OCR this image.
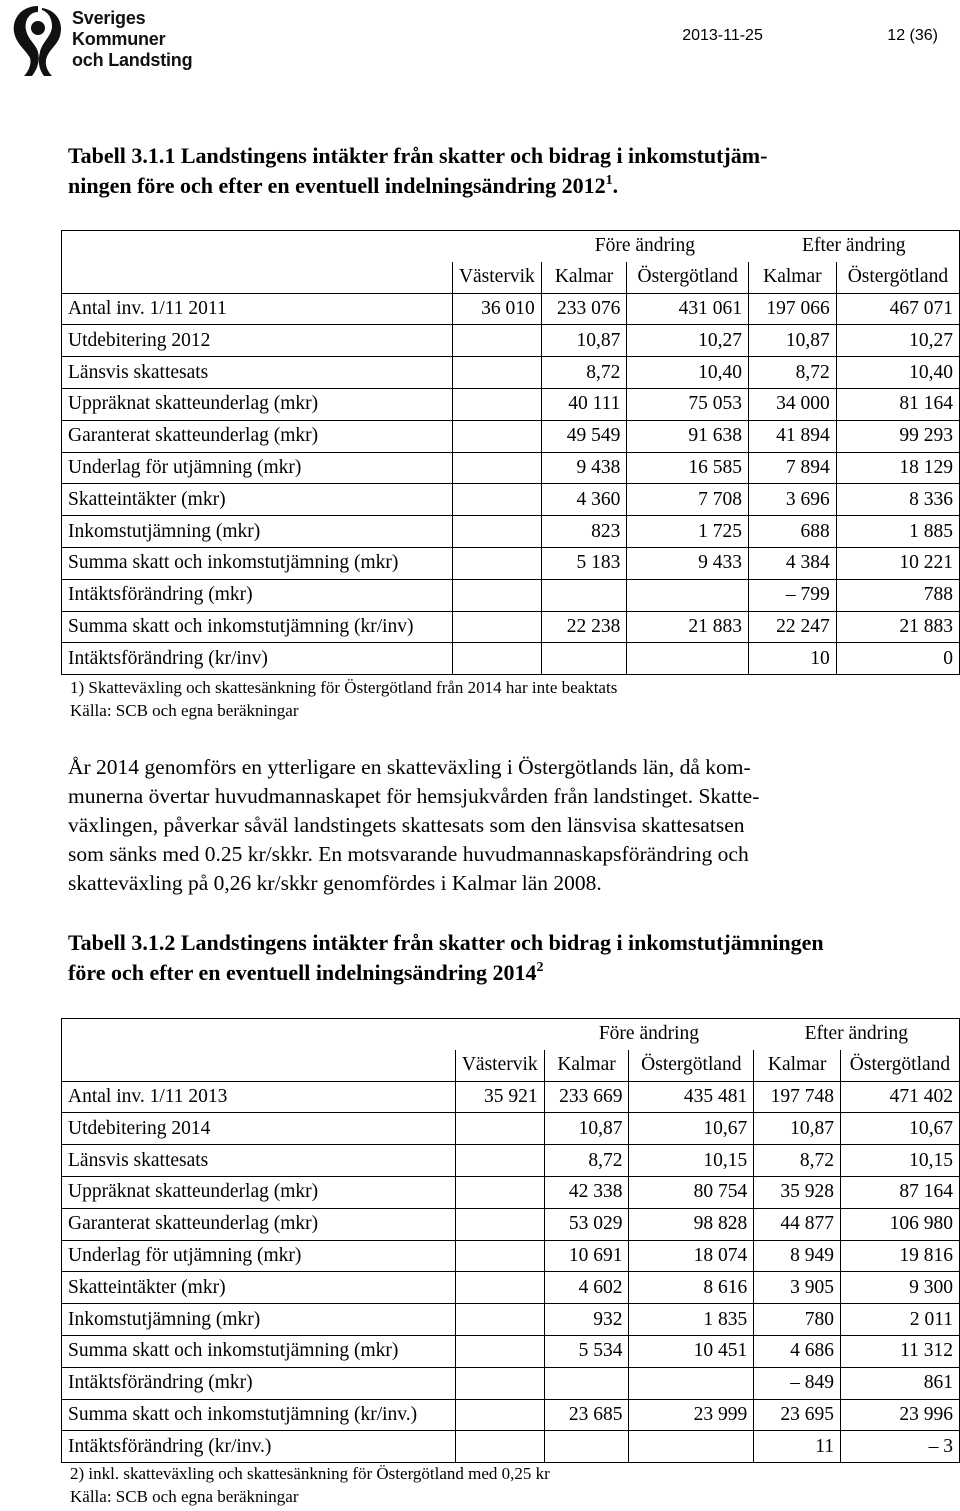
Sveriges
Kommuner
och Landsting
2013-11-25	12 (36)
Tabell 3.1.1 Landstingens intäkter från skatter och bidrag i inkomstutjäm-
ningen före och efter en eventuell indelningsändring 2012$^1$.
		Före ändring		Efter ändring	
	Västervik	Kalmar	Östergötland	Kalmar	Östergötland
Antal inv. 1/11 2011	36 010	233 076	431 061	197 066	467 071
Utdebitering 2012		10,87	10,27	10,87	10,27
Länsvis skattesats		8,72	10,40	8,72	10,40
Uppräknat skatteunderlag (mkr)		40 111	75 053	34 000	81 164
Garanterat skatteunderlag (mkr)		49 549	91 638	41 894	99 293
Underlag för utjämning (mkr)		9 438	16 585	7 894	18 129
Skatteintäkter (mkr)		4 360	7 708	3 696	8 336
Inkomstutjämning (mkr)		823	1 725	688	1 885
Summa skatt och inkomstutjämning (mkr)		5 183	9 433	4 384	10 221
Intäktsförändring (mkr)				– 799	788
Summa skatt och inkomstutjämning (kr/inv)		22 238	21 883	22 247	21 883
Intäktsförändring (kr/inv)				10	0
1) Skatteväxling och skattesänkning för Östergötland från 2014 har inte beaktats
Källa: SCB och egna beräkningar
År 2014 genomförs en ytterligare en skatteväxling i Östergötlands län, då kom-
munerna övertar huvudmannaskapet för hemsjukvården från landstinget. Skatte-
växlingen, påverkar såväl landstingets skattesats som den länsvisa skattesatsen
som sänks med 0.25 kr/skkr. En motsvarande huvudmannaskapsförändring och
skatteväxling på 0,26 kr/skkr genomfördes i Kalmar län 2008.
Tabell 3.1.2 Landstingens intäkter från skatter och bidrag i inkomstutjämningen
före och efter en eventuell indelningsändring 2014$^2$
		Före ändring		Efter ändring	
	Västervik	Kalmar	Östergötland	Kalmar	Östergötland
Antal inv. 1/11 2013	35 921	233 669	435 481	197 748	471 402
Utdebitering 2014		10,87	10,67	10,87	10,67
Länsvis skattesats		8,72	10,15	8,72	10,15
Uppräknat skatteunderlag (mkr)		42 338	80 754	35 928	87 164
Garanterat skatteunderlag (mkr)		53 029	98 828	44 877	106 980
Underlag för utjämning (mkr)		10 691	18 074	8 949	19 816
Skatteintäkter (mkr)		4 602	8 616	3 905	9 300
Inkomstutjämning (mkr)		932	1 835	780	2 011
Summa skatt och inkomstutjämning (mkr)		5 534	10 451	4 686	11 312
Intäktsförändring (mkr)				– 849	861
Summa skatt och inkomstutjämning (kr/inv.)		23 685	23 999	23 695	23 996
Intäktsförändring (kr/inv.)				11	– 3
2) inkl. skatteväxling och skattesänkning för Östergötland med 0,25 kr
Källa: SCB och egna beräkningar
